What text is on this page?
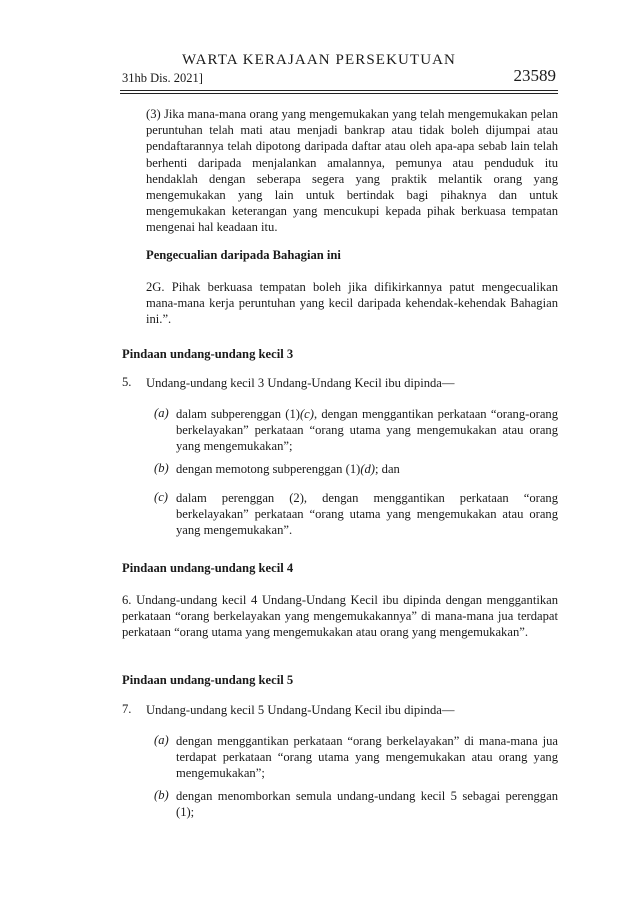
WARTA KERAJAAN PERSEKUTUAN
31hb Dis. 2021]	23589
(3) Jika mana-mana orang yang mengemukakan yang telah mengemukakan pelan peruntuhan telah mati atau menjadi bankrap atau tidak boleh dijumpai atau pendaftarannya telah dipotong daripada daftar atau oleh apa-apa sebab lain telah berhenti daripada menjalankan amalannya, pemunya atau penduduk itu hendaklah dengan seberapa segera yang praktik melantik orang yang mengemukakan yang lain untuk bertindak bagi pihaknya dan untuk mengemukakan keterangan yang mencukupi kepada pihak berkuasa tempatan mengenai hal keadaan itu.
Pengecualian daripada Bahagian ini
2G. Pihak berkuasa tempatan boleh jika difikirkannya patut mengecualikan mana-mana kerja peruntuhan yang kecil daripada kehendak-kehendak Bahagian ini.”.
Pindaan undang-undang kecil 3
5. Undang-undang kecil 3 Undang-Undang Kecil ibu dipinda—
(a) dalam subperenggan (1)(c), dengan menggantikan perkataan “orang-orang berkelayakan” perkataan “orang utama yang mengemukakan atau orang yang mengemukakan”;
(b) dengan memotong subperenggan (1)(d); dan
(c) dalam perenggan (2), dengan menggantikan perkataan “orang berkelayakan” perkataan “orang utama yang mengemukakan atau orang yang mengemukakan”.
Pindaan undang-undang kecil 4
6. Undang-undang kecil 4 Undang-Undang Kecil ibu dipinda dengan menggantikan perkataan “orang berkelayakan yang mengemukakannya” di mana-mana jua terdapat perkataan “orang utama yang mengemukakan atau orang yang mengemukakan”.
Pindaan undang-undang kecil 5
7. Undang-undang kecil 5 Undang-Undang Kecil ibu dipinda—
(a) dengan menggantikan perkataan “orang berkelayakan” di mana-mana jua terdapat perkataan “orang utama yang mengemukakan atau orang yang mengemukakan”;
(b) dengan menomborkan semula undang-undang kecil 5 sebagai perenggan (1);
